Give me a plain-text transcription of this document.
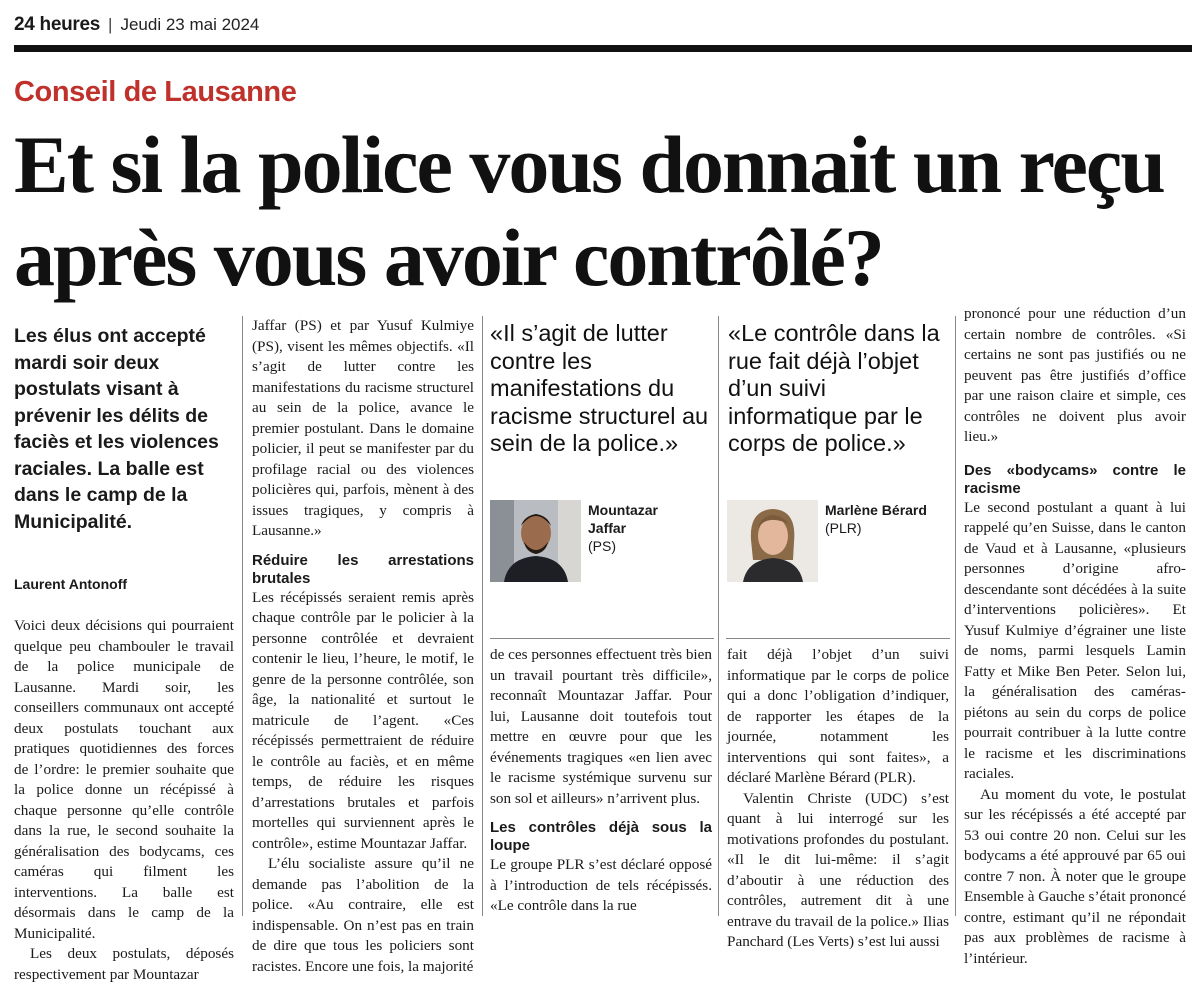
24 heures | Jeudi 23 mai 2024
Conseil de Lausanne
Et si la police vous donnait un reçu après vous avoir contrôlé?

Les élus ont accepté mardi soir deux postulats visant à prévenir les délits de faciès et les violences raciales. La balle est dans le camp de la Municipalité.

Laurent Antonoff

Voici deux décisions qui pourraient quelque peu chambouler le travail de la police municipale de Lausanne. Mardi soir, les conseillers communaux ont accepté deux postulats touchant aux pratiques quotidiennes des forces de l’ordre: le premier souhaite que la police donne un récépissé à chaque personne qu’elle contrôle dans la rue, le second souhaite la généralisation des bodycams, ces caméras qui filment les interventions. La balle est désormais dans le camp de la Municipalité.

Les deux postulats, déposés respectivement par Mountazar

Jaffar (PS) et par Yusuf Kulmiye (PS), visent les mêmes objectifs. «Il s’agit de lutter contre les manifestations du racisme structurel au sein de la police, avance le premier postulant. Dans le domaine policier, il peut se manifester par du profilage racial ou des violences policières qui, parfois, mènent à des issues tragiques, y compris à Lausanne.»

Réduire les arrestations brutales

Les récépissés seraient remis après chaque contrôle par le policier à la personne contrôlée et devraient contenir le lieu, l’heure, le motif, le genre de la personne contrôlée, son âge, la nationalité et surtout le matricule de l’agent. «Ces récépissés permettraient de réduire le contrôle au faciès, et en même temps, de réduire les risques d’arrestations brutales et parfois mortelles qui surviennent après le contrôle», estime Mountazar Jaffar.

L’élu socialiste assure qu’il ne demande pas l’abolition de la police. «Au contraire, elle est indispensable. On n’est pas en train de dire que tous les policiers sont racistes. Encore une fois, la majorité

«Il s’agit de lutter contre les manifestations du racisme structurel au sein de la police.»

Mountazar Jaffar
(PS)

de ces personnes effectuent très bien un travail pourtant très difficile», reconnaît Mountazar Jaffar. Pour lui, Lausanne doit toutefois tout mettre en œuvre pour que les événements tragiques «en lien avec le racisme systémique survenu sur son sol et ailleurs» n’arrivent plus.

Les contrôles déjà sous la loupe

Le groupe PLR s’est déclaré opposé à l’introduction de tels récépissés. «Le contrôle dans la rue

«Le contrôle dans la rue fait déjà l’objet d’un suivi informatique par le corps de police.»

Marlène Bérard
(PLR)

fait déjà l’objet d’un suivi informatique par le corps de police qui a donc l’obligation d’indiquer, de rapporter les étapes de la journée, notamment les interventions qui sont faites», a déclaré Marlène Bérard (PLR).

Valentin Christe (UDC) s’est quant à lui interrogé sur les motivations profondes du postulant. «Il le dit lui-même: il s’agit d’aboutir à une réduction des contrôles, autrement dit à une entrave du travail de la police.» Ilias Panchard (Les Verts) s’est lui aussi

prononcé pour une réduction d’un certain nombre de contrôles. «Si certains ne sont pas justifiés ou ne peuvent pas être justifiés d’office par une raison claire et simple, ces contrôles ne doivent plus avoir lieu.»

Des «bodycams» contre le racisme

Le second postulant a quant à lui rappelé qu’en Suisse, dans le canton de Vaud et à Lausanne, «plusieurs personnes d’origine afro-descendante sont décédées à la suite d’interventions policières». Et Yusuf Kulmiye d’égrainer une liste de noms, parmi lesquels Lamin Fatty et Mike Ben Peter. Selon lui, la généralisation des caméras-piétons au sein du corps de police pourrait contribuer à la lutte contre le racisme et les discriminations raciales.

Au moment du vote, le postulat sur les récépissés a été accepté par 53 oui contre 20 non. Celui sur les bodycams a été approuvé par 65 oui contre 7 non. À noter que le groupe Ensemble à Gauche s’était prononcé contre, estimant qu’il ne répondait pas aux problèmes de racisme à l’intérieur.
